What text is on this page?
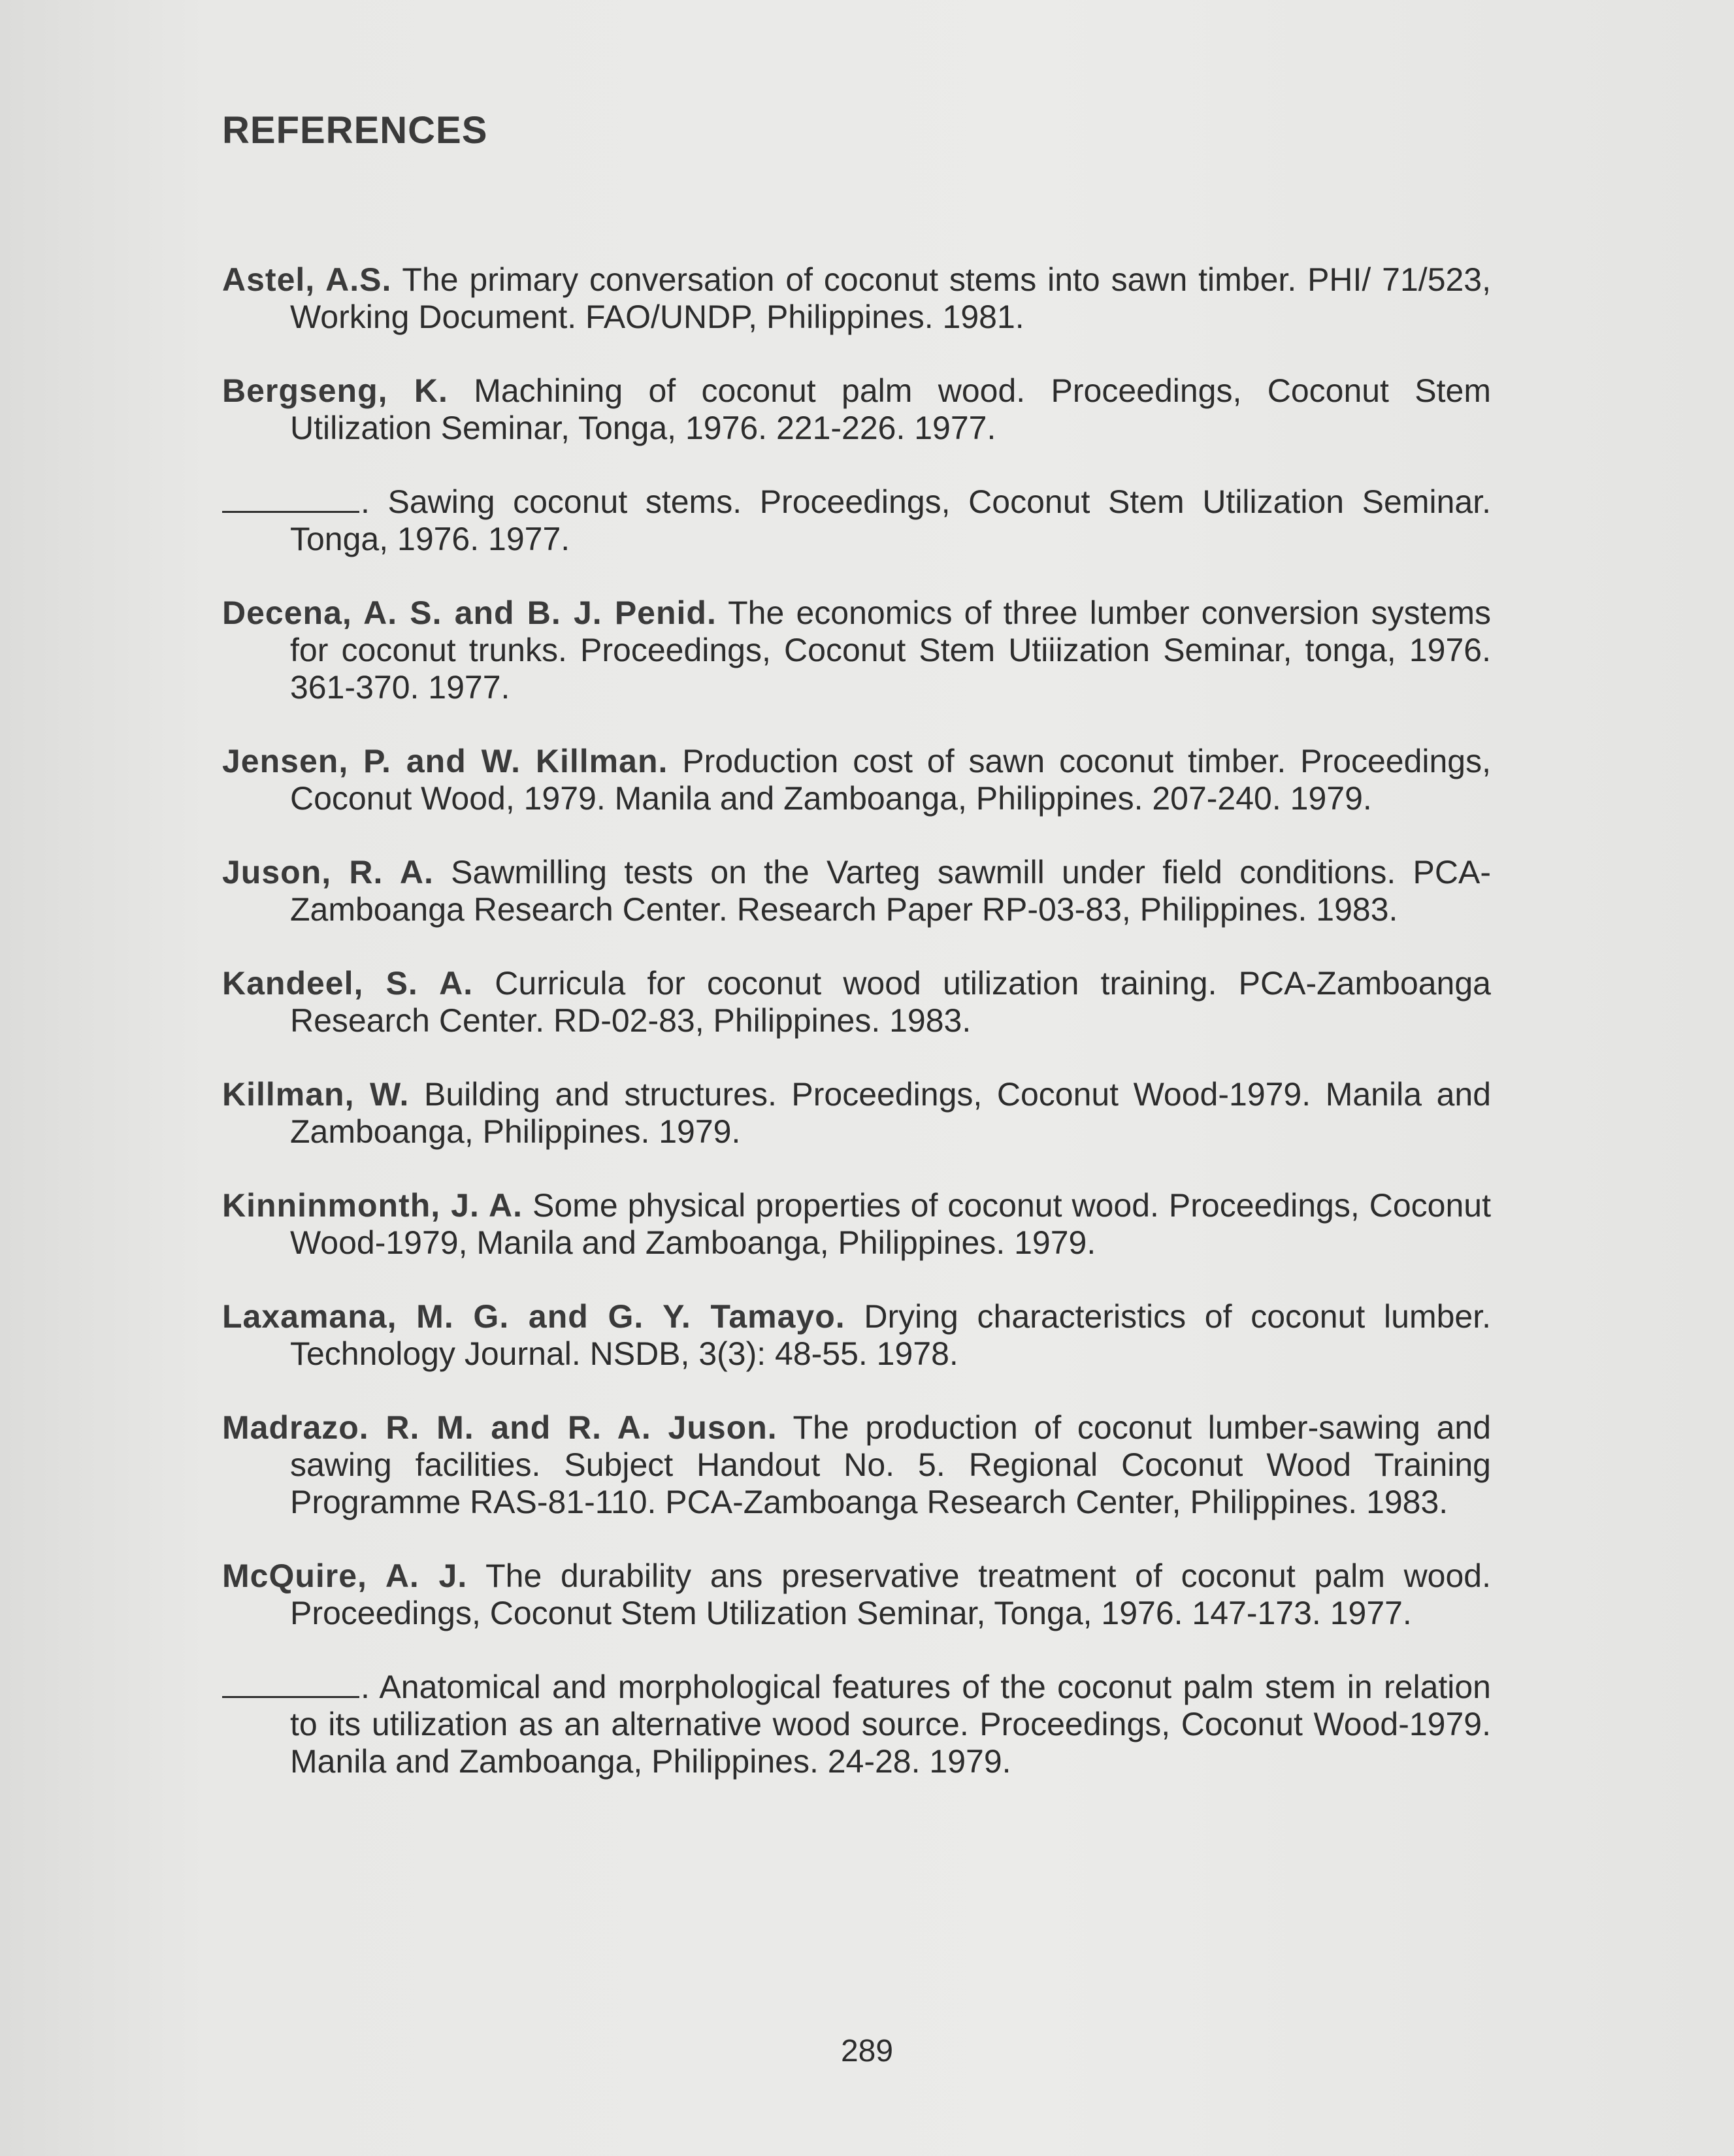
REFERENCES

Astel, A.S. The primary conversation of coconut stems into sawn timber. PHI/ 71/523, Working Document. FAO/UNDP, Philippines. 1981.

Bergseng, K. Machining of coconut palm wood. Proceedings, Coconut Stem Utilization Seminar, Tonga, 1976. 221-226. 1977.

. Sawing coconut stems. Proceedings, Coconut Stem Utilization Seminar. Tonga, 1976. 1977.

Decena, A. S. and B. J. Penid. The economics of three lumber conversion systems for coconut trunks. Proceedings, Coconut Stem Utiiization Seminar, tonga, 1976. 361-370. 1977.

Jensen, P. and W. Killman. Production cost of sawn coconut timber. Proceedings, Coconut Wood, 1979. Manila and Zamboanga, Philippines. 207-240. 1979.

Juson, R. A. Sawmilling tests on the Varteg sawmill under field conditions. PCA-Zamboanga Research Center. Research Paper RP-03-83, Philippines. 1983.

Kandeel, S. A. Curricula for coconut wood utilization training. PCA-Zamboanga Research Center. RD-02-83, Philippines. 1983.

Killman, W. Building and structures. Proceedings, Coconut Wood-1979. Manila and Zamboanga, Philippines. 1979.

Kinninmonth, J. A. Some physical properties of coconut wood. Proceedings, Coconut Wood-1979, Manila and Zamboanga, Philippines. 1979.

Laxamana, M. G. and G. Y. Tamayo. Drying characteristics of coconut lumber. Technology Journal. NSDB, 3(3): 48-55. 1978.

Madrazo. R. M. and R. A. Juson. The production of coconut lumber-sawing and sawing facilities. Subject Handout No. 5. Regional Coconut Wood Training Programme RAS-81-110. PCA-Zamboanga Research Center, Philippines. 1983.

McQuire, A. J. The durability ans preservative treatment of coconut palm wood. Proceedings, Coconut Stem Utilization Seminar, Tonga, 1976. 147-173. 1977.

. Anatomical and morphological features of the coconut palm stem in relation to its utilization as an alternative wood source. Proceedings, Coconut Wood-1979. Manila and Zamboanga, Philippines. 24-28. 1979.

289
